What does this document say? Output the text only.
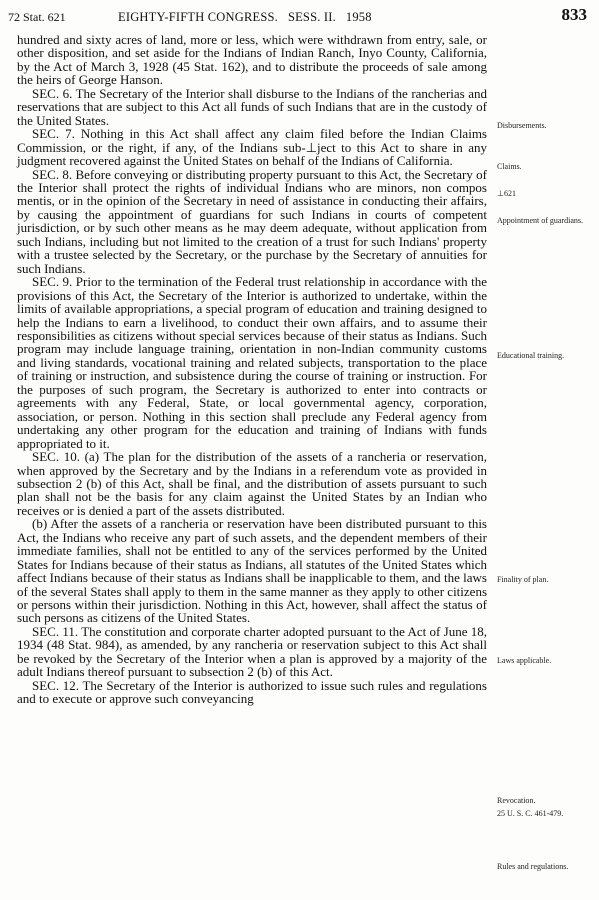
72 Stat. 621	EIGHTY-FIFTH CONGRESS.   SESS. II.   1958	833

hundred and sixty acres of land, more or less, which were withdrawn from entry, sale, or other disposition, and set aside for the Indians of Indian Ranch, Inyo County, California, by the Act of March 3, 1928 (45 Stat. 162), and to distribute the proceeds of sale among the heirs of George Hanson.

SEC. 6. The Secretary of the Interior shall disburse to the Indians of the rancherias and reservations that are subject to this Act all funds of such Indians that are in the custody of the United States.

SEC. 7. Nothing in this Act shall affect any claim filed before the Indian Claims Commission, or the right, if any, of the Indians sub-⊥ject to this Act to share in any judgment recovered against the United States on behalf of the Indians of California.

SEC. 8. Before conveying or distributing property pursuant to this Act, the Secretary of the Interior shall protect the rights of individual Indians who are minors, non compos mentis, or in the opinion of the Secretary in need of assistance in conducting their affairs, by causing the appointment of guardians for such Indians in courts of competent jurisdiction, or by such other means as he may deem adequate, without application from such Indians, including but not limited to the creation of a trust for such Indians' property with a trustee selected by the Secretary, or the purchase by the Secretary of annuities for such Indians.

SEC. 9. Prior to the termination of the Federal trust relationship in accordance with the provisions of this Act, the Secretary of the Interior is authorized to undertake, within the limits of available appropriations, a special program of education and training designed to help the Indians to earn a livelihood, to conduct their own affairs, and to assume their responsibilities as citizens without special services because of their status as Indians. Such program may include language training, orientation in non-Indian community customs and living standards, vocational training and related subjects, transportation to the place of training or instruction, and subsistence during the course of training or instruction. For the purposes of such program, the Secretary is authorized to enter into contracts or agreements with any Federal, State, or local governmental agency, corporation, association, or person. Nothing in this section shall preclude any Federal agency from undertaking any other program for the education and training of Indians with funds appropriated to it.

SEC. 10. (a) The plan for the distribution of the assets of a rancheria or reservation, when approved by the Secretary and by the Indians in a referendum vote as provided in subsection 2 (b) of this Act, shall be final, and the distribution of assets pursuant to such plan shall not be the basis for any claim against the United States by an Indian who receives or is denied a part of the assets distributed.

(b) After the assets of a rancheria or reservation have been distributed pursuant to this Act, the Indians who receive any part of such assets, and the dependent members of their immediate families, shall not be entitled to any of the services performed by the United States for Indians because of their status as Indians, all statutes of the United States which affect Indians because of their status as Indians shall be inapplicable to them, and the laws of the several States shall apply to them in the same manner as they apply to other citizens or persons within their jurisdiction. Nothing in this Act, however, shall affect the status of such persons as citizens of the United States.

SEC. 11. The constitution and corporate charter adopted pursuant to the Act of June 18, 1934 (48 Stat. 984), as amended, by any rancheria or reservation subject to this Act shall be revoked by the Secretary of the Interior when a plan is approved by a majority of the adult Indians thereof pursuant to subsection 2 (b) of this Act.

SEC. 12. The Secretary of the Interior is authorized to issue such rules and regulations and to execute or approve such conveyancing

Disbursements.
Claims.
⊥621
Appointment of guardians.
Educational training.
Finality of plan.
Laws applicable.
Revocation.
25 U. S. C. 461-479.
Rules and regulations.
